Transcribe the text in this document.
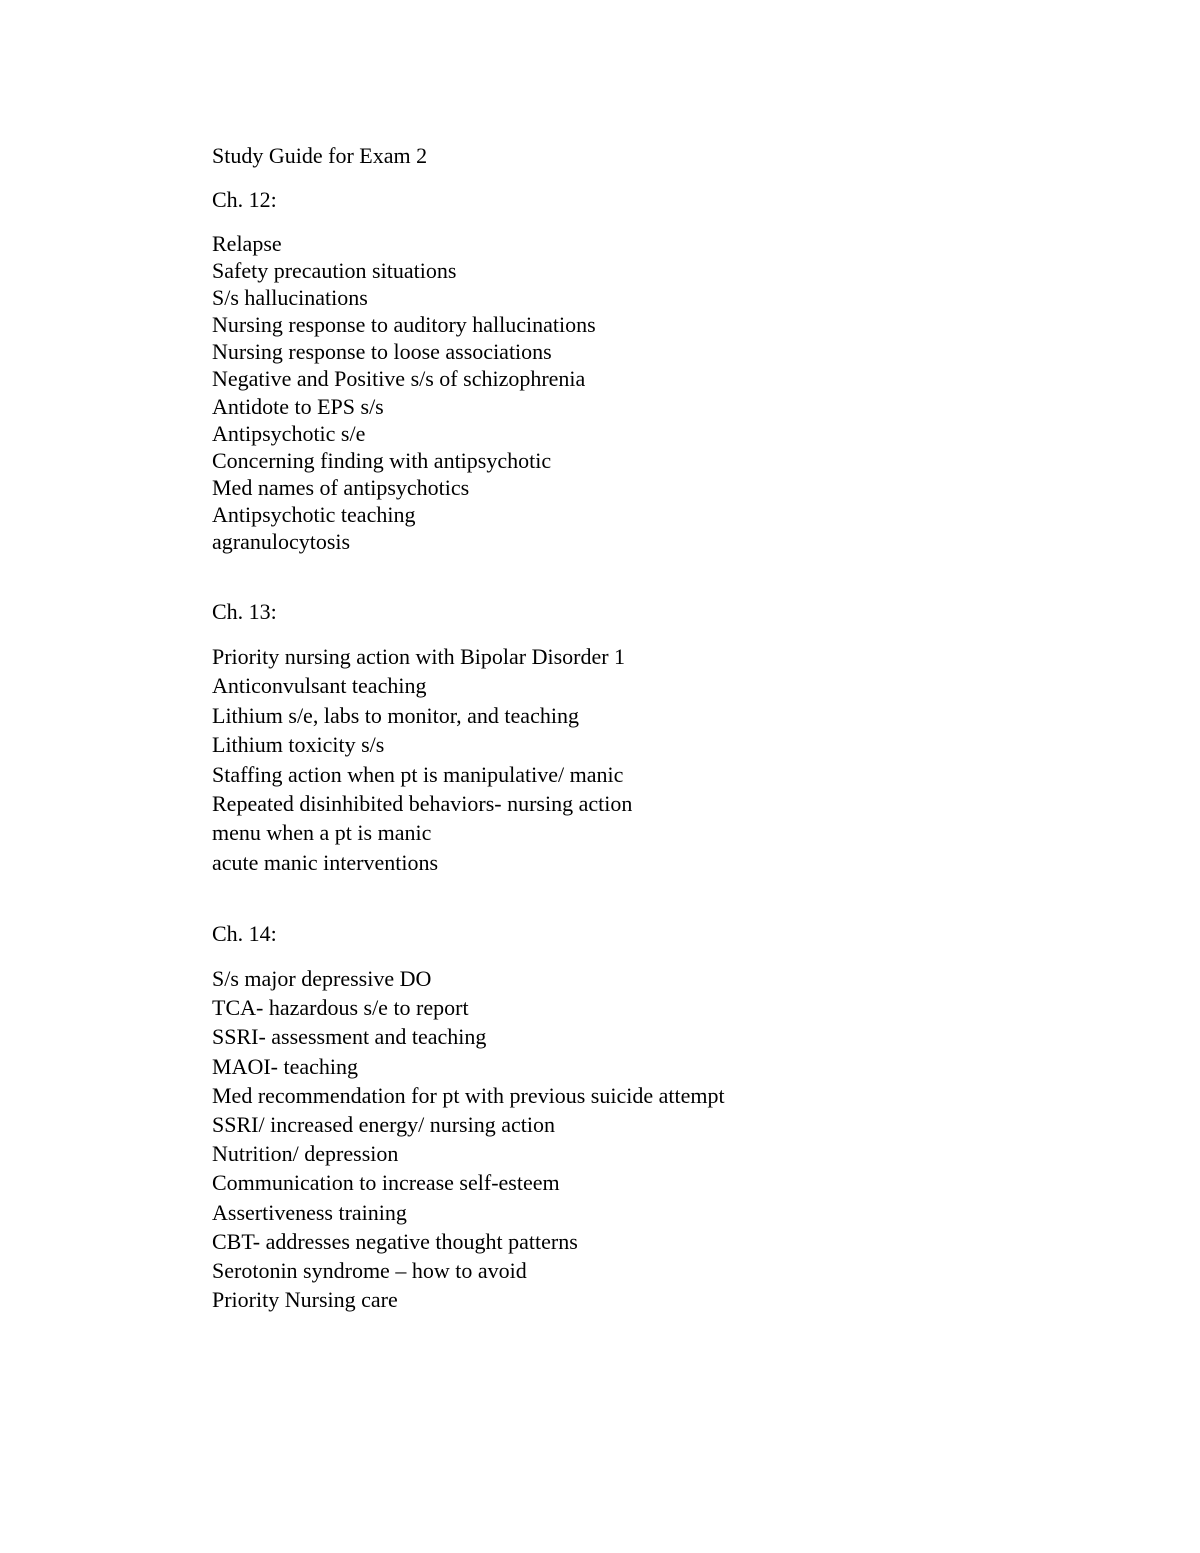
Study Guide for Exam 2
Ch. 12:
Relapse
Safety precaution situations
S/s hallucinations
Nursing response to auditory hallucinations
Nursing response to loose associations
Negative and Positive s/s of schizophrenia
Antidote to EPS s/s
Antipsychotic s/e
Concerning finding with antipsychotic
Med names of antipsychotics
Antipsychotic teaching
agranulocytosis
Ch. 13:
Priority nursing action with Bipolar Disorder 1
Anticonvulsant teaching
Lithium s/e, labs to monitor, and teaching
Lithium toxicity s/s
Staffing action when pt is manipulative/ manic
Repeated disinhibited behaviors- nursing action
menu when a pt is manic
acute manic interventions
Ch. 14:
S/s major depressive DO
TCA- hazardous s/e to report
SSRI- assessment and teaching
MAOI- teaching
Med recommendation for pt with previous suicide attempt
SSRI/ increased energy/ nursing action
Nutrition/ depression
Communication to increase self-esteem
Assertiveness training
CBT- addresses negative thought patterns
Serotonin syndrome – how to avoid
Priority Nursing care
